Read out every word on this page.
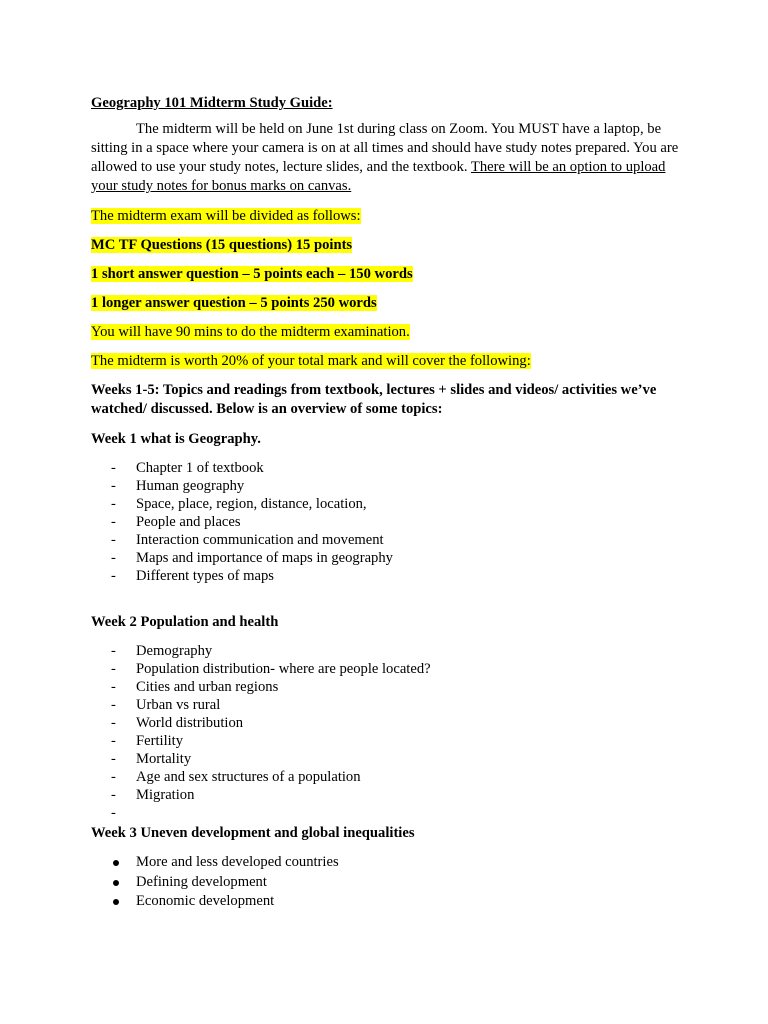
Geography 101 Midterm Study Guide:

The midterm will be held on June 1st during class on Zoom. You MUST have a laptop, be sitting in a space where your camera is on at all times and should have study notes prepared. You are allowed to use your study notes, lecture slides, and the textbook. There will be an option to upload your study notes for bonus marks on canvas.

The midterm exam will be divided as follows:

MC TF Questions (15 questions) 15 points

1 short answer question – 5 points each – 150 words

1 longer answer question – 5 points 250 words

You will have 90 mins to do the midterm examination.

The midterm is worth 20% of your total mark and will cover the following:

Weeks 1-5: Topics and readings from textbook, lectures + slides and videos/ activities we’ve watched/ discussed. Below is an overview of some topics:

Week 1 what is Geography.

- Chapter 1 of textbook
- Human geography
- Space, place, region, distance, location,
- People and places
- Interaction communication and movement
- Maps and importance of maps in geography
- Different types of maps

Week 2 Population and health

- Demography
- Population distribution- where are people located?
- Cities and urban regions
- Urban vs rural
- World distribution
- Fertility
- Mortality
- Age and sex structures of a population
- Migration
-

Week 3 Uneven development and global inequalities

More and less developed countries
Defining development
Economic development
